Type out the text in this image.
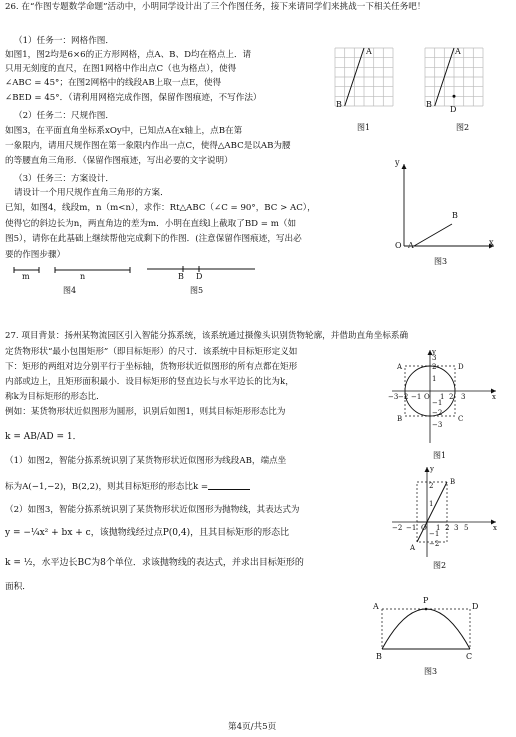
26. 在“作图专题数学命题”活动中，小明同学设计出了三个作图任务，接下来请同学们来挑战一下相关任务吧！
（1）任务一：网格作图．
如图1，图2均是6×6的正方形网格，点A、B、D均在格点上．请
只用无刻度的直尺，在图1网格中作出点C（也为格点），使得
∠ABC = 45°；在图2网格中的线段AB上取一点E，使得
∠BED = 45°．（请利用网格完成作图，保留作图痕迹，不写作法）
（2）任务二：尺规作图．
如图3，在平面直角坐标系xOy中，已知点A在x轴上，点B在第
一象限内，请用尺规作图在第一象限内作出一点C，使得△ABC是以AB为腰
的等腰直角三角形．（保留作图痕迹，写出必要的文字说明）
（3）任务三：方案设计．
请设计一个用尺规作直角三角形的方案．
已知，如图4，线段m，n（m<n），求作：Rt△ABC（∠C = 90°，BC > AC），
使得它的斜边长为n，两直角边的差为m．小明在直线l上截取了BD = m（如
图5），请你在此基础上继续帮他完成剩下的作图．(注意保留作图痕迹，写出必
要的作图步骤）
A
B
图1
A
B
D
图2
y
O A
B
x
图3
m	n
图4
B D
图5
27. 项目背景：扬州某物流园区引入智能分拣系统，该系统通过摄像头识别货物轮廓，并借助直角坐标系确
定货物形状“最小包围矩形”（即目标矩形）的尺寸．该系统中目标矩形定义如
下：矩形的两组对边分别平行于坐标轴，货物形状近似图形的所有点都在矩形
内部或边上，且矩形面积最小．设目标矩形的竖直边长与水平边长的比为k，
称k为目标矩形的形态比．
例如：某货物形状近似图形为圆形，识别后如图1，则其目标矩形形态比为
k = AB/AD = 1．
（1）如图2，智能分拣系统识别了某货物形状近似图形为线段AB，端点坐
标为A(−1,−2)，B(2,2)，则其目标矩形的形态比k =
（2）如图3，智能分拣系统识别了某货物形状近似图形为抛物线，其表达式为
y = −¼x² + bx + c，该抛物线经过点P(0,4)，且其目标矩形的形态比
k = ½，水平边长BC为8个单位．求该抛物线的表达式，并求出目标矩形的
面积．
y
A	D
B	C
−3 −2 −1 O 1 2 3	x
3
2
1
−1
−2
−3
图1
y
B
A
−2 −1 O 1 2 3 5	x
2
1
−1
−2
图2
A
P
D
B	C
图3
第4页/共5页
